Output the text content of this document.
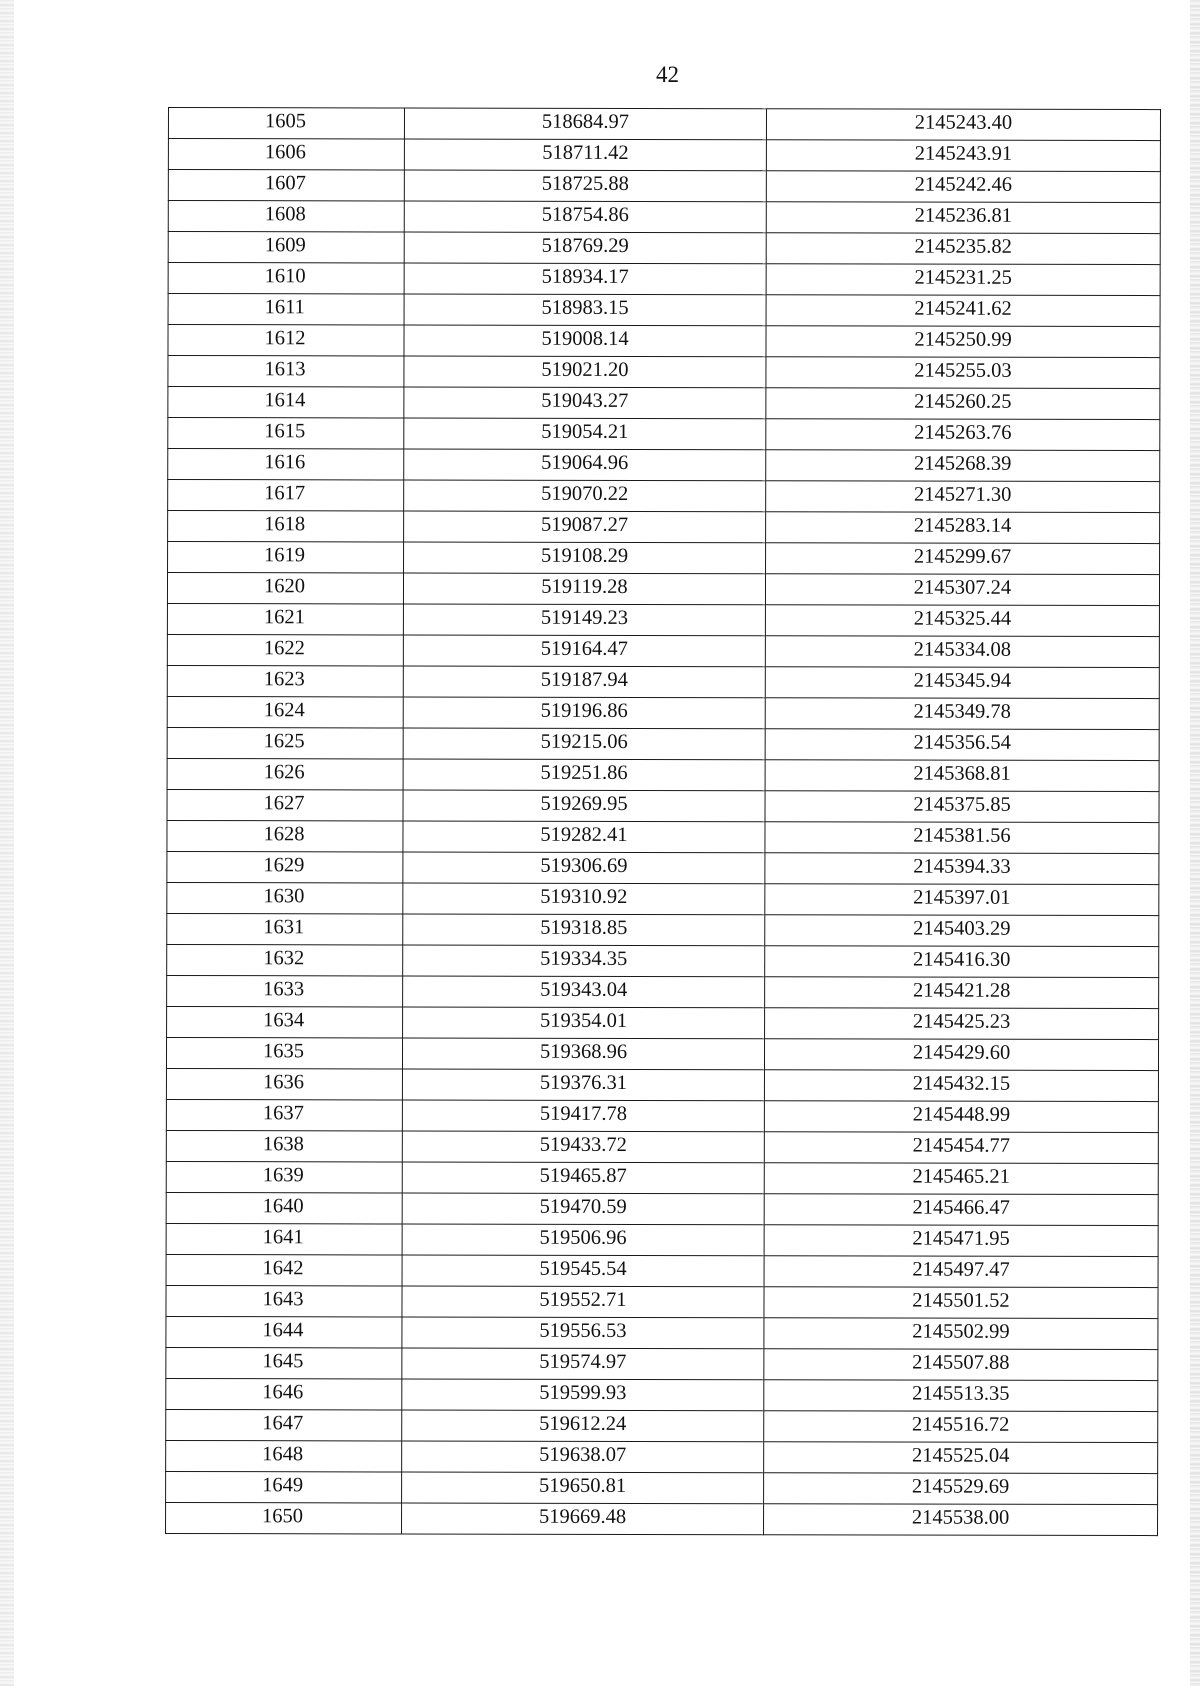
42
1605	518684.97	2145243.40
1606	518711.42	2145243.91
1607	518725.88	2145242.46
1608	518754.86	2145236.81
1609	518769.29	2145235.82
1610	518934.17	2145231.25
1611	518983.15	2145241.62
1612	519008.14	2145250.99
1613	519021.20	2145255.03
1614	519043.27	2145260.25
1615	519054.21	2145263.76
1616	519064.96	2145268.39
1617	519070.22	2145271.30
1618	519087.27	2145283.14
1619	519108.29	2145299.67
1620	519119.28	2145307.24
1621	519149.23	2145325.44
1622	519164.47	2145334.08
1623	519187.94	2145345.94
1624	519196.86	2145349.78
1625	519215.06	2145356.54
1626	519251.86	2145368.81
1627	519269.95	2145375.85
1628	519282.41	2145381.56
1629	519306.69	2145394.33
1630	519310.92	2145397.01
1631	519318.85	2145403.29
1632	519334.35	2145416.30
1633	519343.04	2145421.28
1634	519354.01	2145425.23
1635	519368.96	2145429.60
1636	519376.31	2145432.15
1637	519417.78	2145448.99
1638	519433.72	2145454.77
1639	519465.87	2145465.21
1640	519470.59	2145466.47
1641	519506.96	2145471.95
1642	519545.54	2145497.47
1643	519552.71	2145501.52
1644	519556.53	2145502.99
1645	519574.97	2145507.88
1646	519599.93	2145513.35
1647	519612.24	2145516.72
1648	519638.07	2145525.04
1649	519650.81	2145529.69
1650	519669.48	2145538.00
